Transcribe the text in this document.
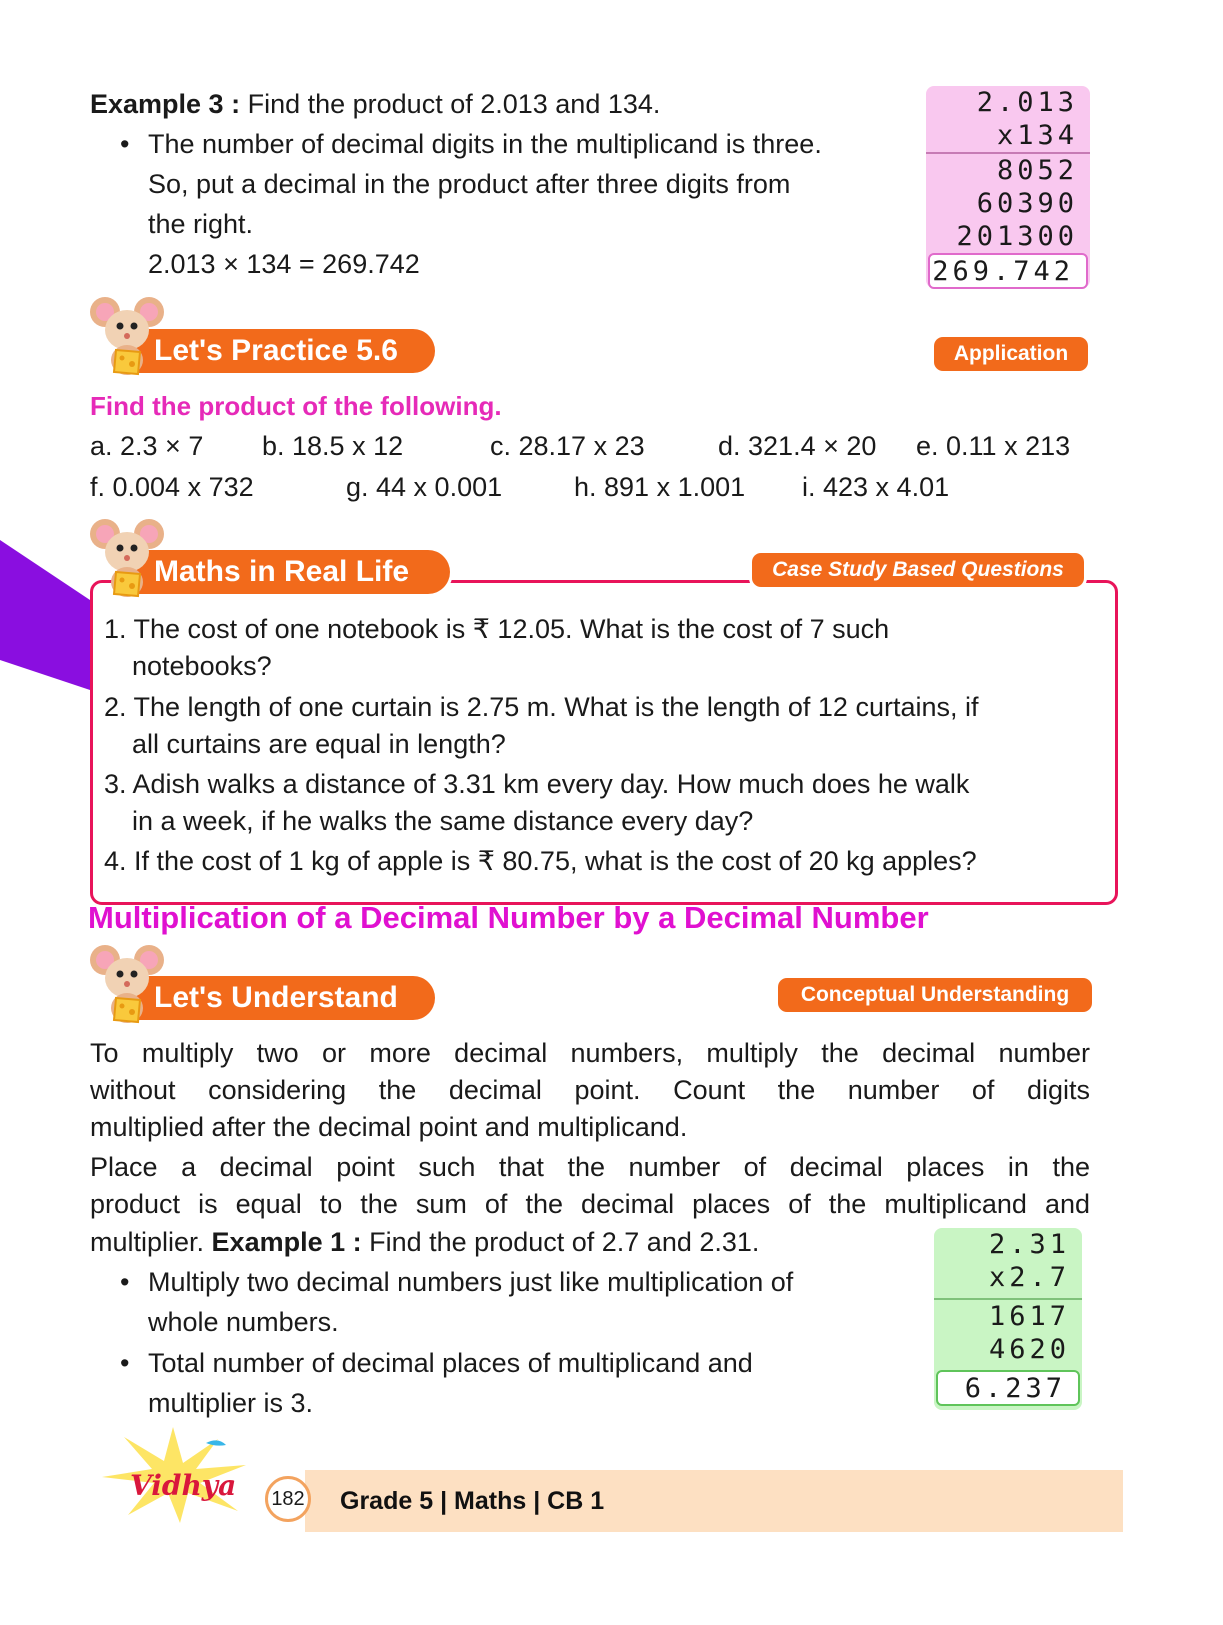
Example 3 : Find the product of 2.013 and 134.
• The number of decimal digits in the multiplicand is three.
So, put a decimal in the product after three digits from
the right.
2.013 × 134 = 269.742
2.013
x134
8052
60390
201300
269.742
Let's Practice 5.6	Application
Find the product of the following.
a. 2.3 × 7 b. 18.5 x 12	c. 28.17 x 23	d. 321.4 × 20 e. 0.11 x 213
f. 0.004 x 732	g. 44 x 0.001	h. 891 x 1.001 i. 423 x 4.01
Maths in Real Life	Case Study Based Questions
1. The cost of one notebook is ₹ 12.05. What is the cost of 7 such
notebooks?
2. The length of one curtain is 2.75 m. What is the length of 12 curtains, if
all curtains are equal in length?
3. Adish walks a distance of 3.31 km every day. How much does he walk
in a week, if he walks the same distance every day?
4. If the cost of 1 kg of apple is ₹ 80.75, what is the cost of 20 kg apples?
Multiplication of a Decimal Number by a Decimal Number
Let's Understand	Conceptual Understanding
To multiply two or more decimal numbers, multiply the decimal number
without considering the decimal point. Count the number of digits
multiplied after the decimal point and multiplicand.
Place a decimal point such that the number of decimal places in the
product is equal to the sum of the decimal places of the multiplicand and
multiplier. Example 1 : Find the product of 2.7 and 2.31.
• Multiply two decimal numbers just like multiplication of
whole numbers.
• Total number of decimal places of multiplicand and
multiplier is 3.
2.31
x2.7
1617
4620
6.237
Vidhya	182 Grade 5 | Maths | CB 1
